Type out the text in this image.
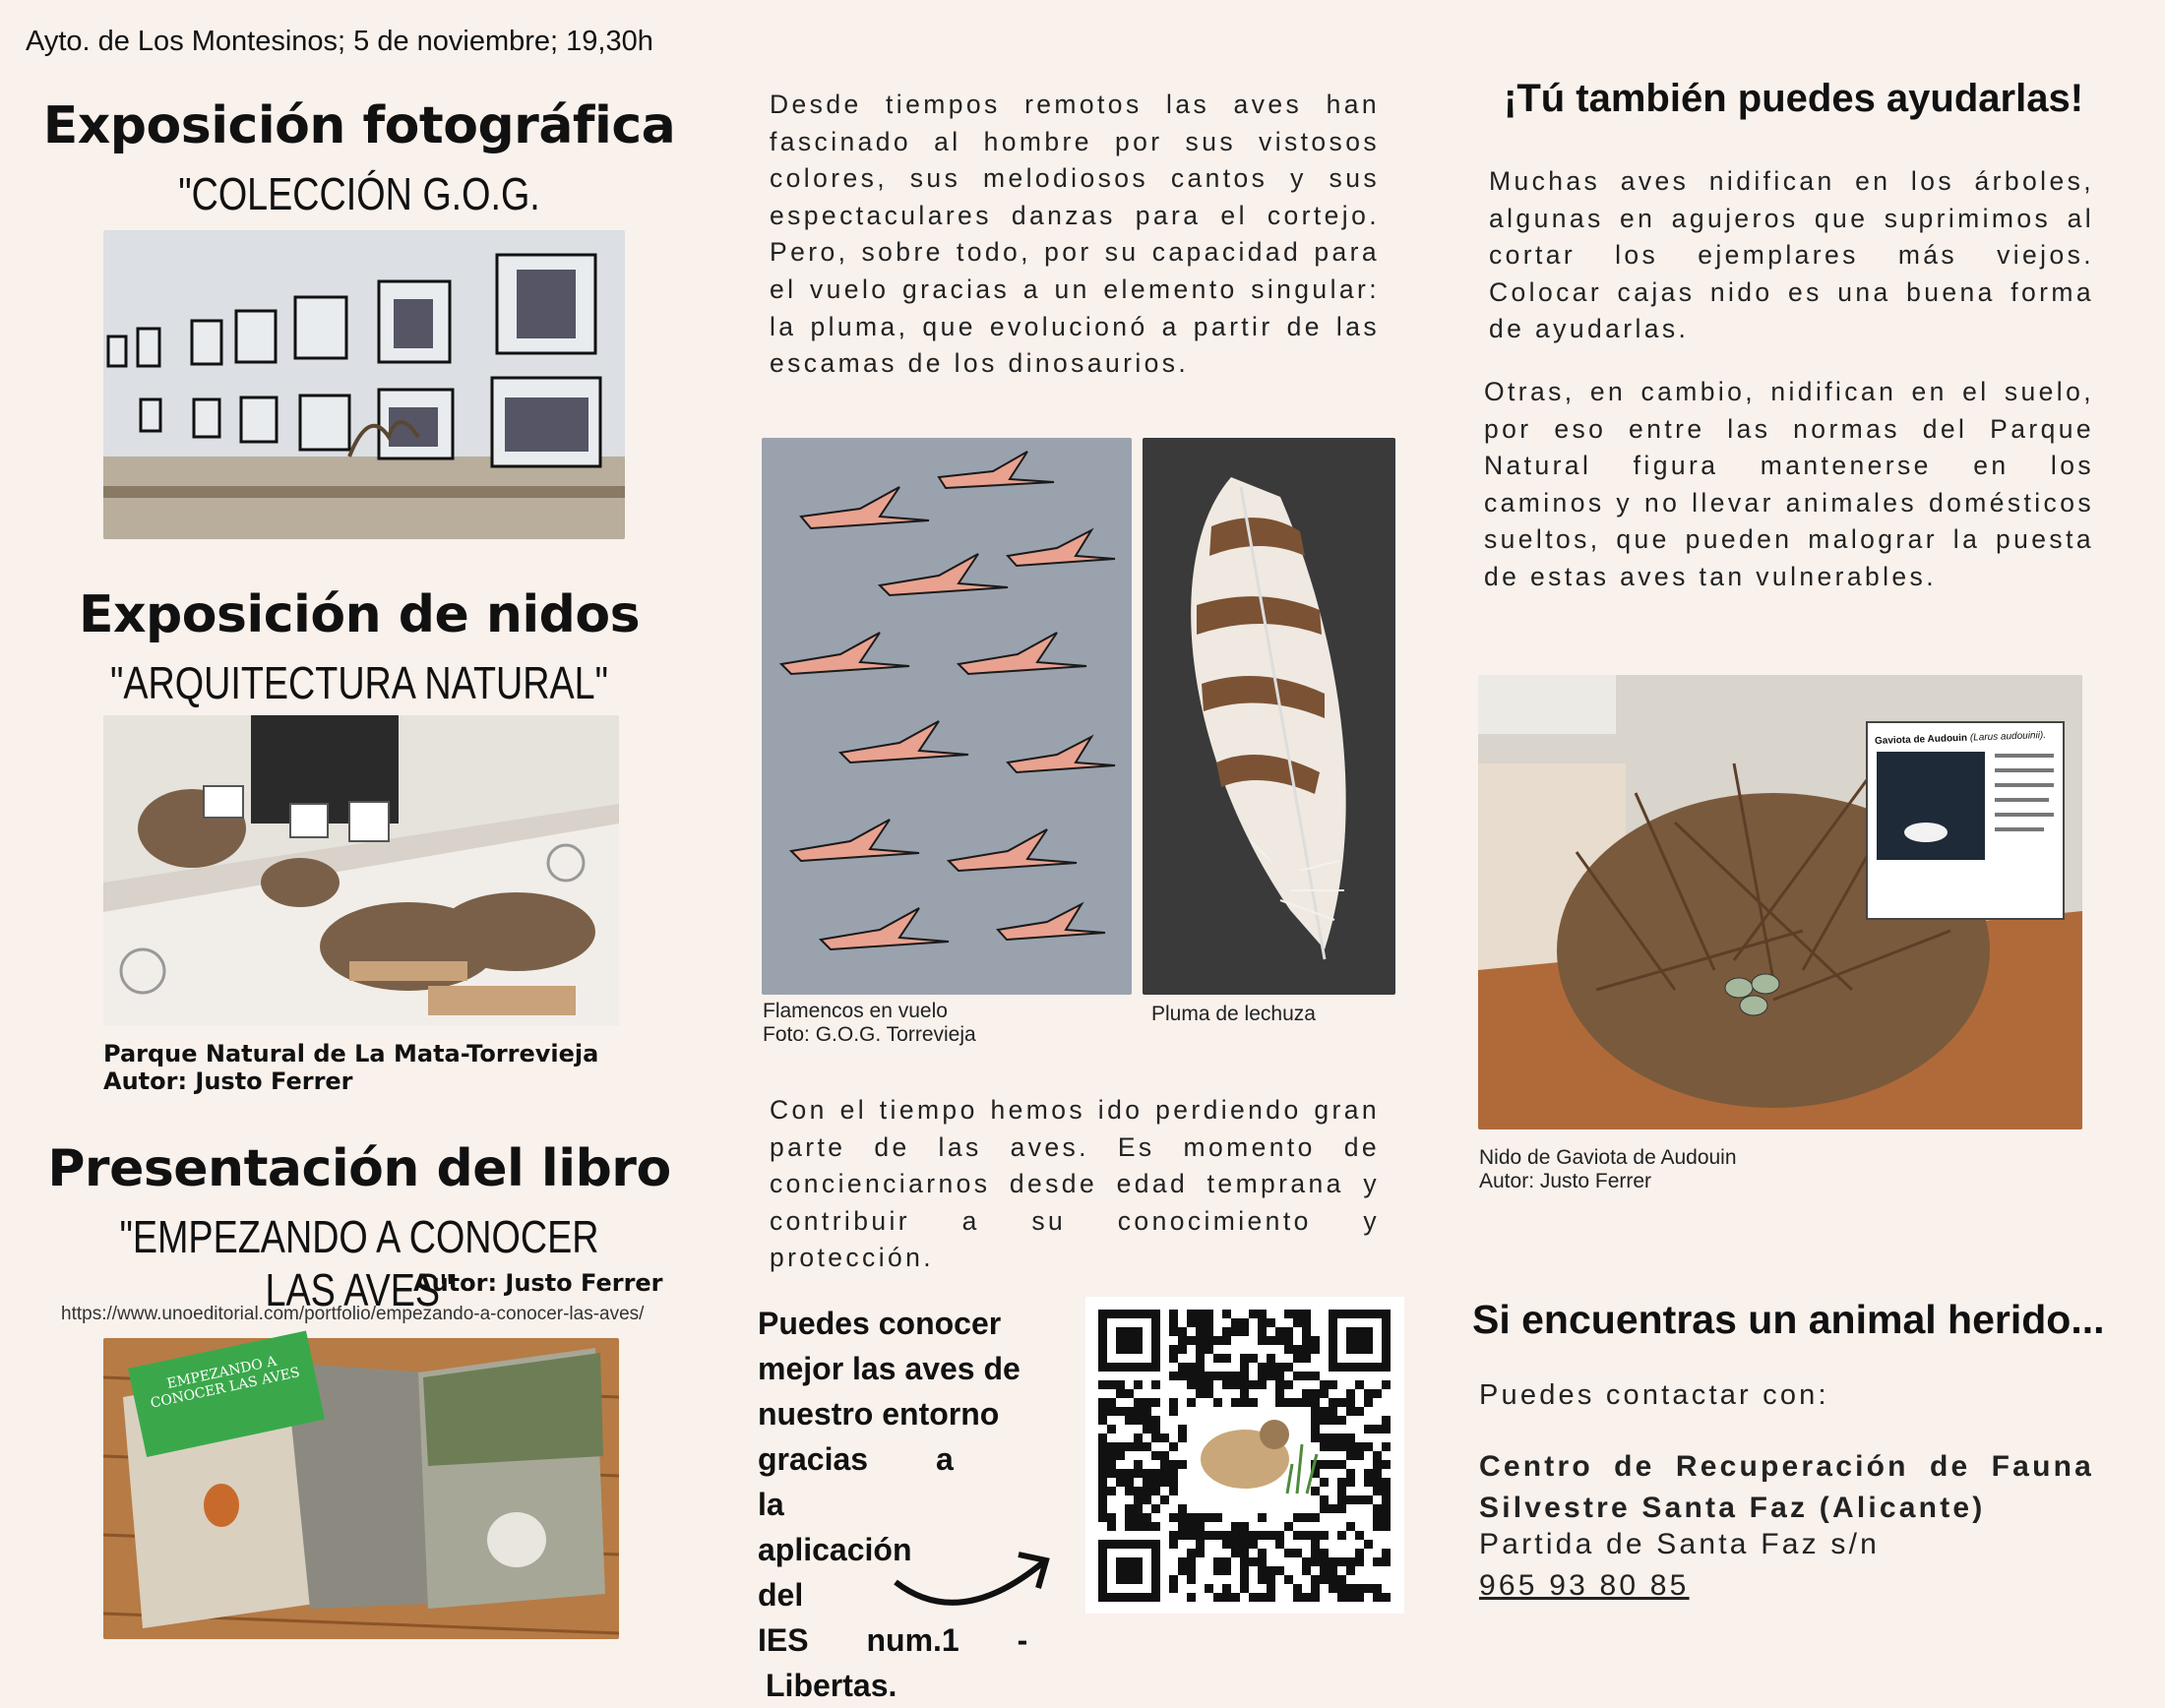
Ayto. de Los Montesinos; 5 de noviembre; 19,30h
Exposición fotográfica
"COLECCIÓN G.O.G.
Exposición de nidos
"ARQUITECTURA NATURAL"
Parque Natural de La Mata-Torrevieja
Autor: Justo Ferrer
Presentación del libro
"EMPEZANDO A CONOCER LAS AVES"
Autor: Justo Ferrer
https://www.unoeditorial.com/portfolio/empezando-a-conocer-las-aves/
EMPEZANDO A CONOCER LAS AVES
Desde tiempos remotos las aves han fascinado al hombre por sus vistosos colores, sus melodiosos cantos y sus espectaculares danzas para el cortejo. Pero, sobre todo, por su capacidad para el vuelo gracias a un elemento singular: la pluma, que evolucionó a partir de las escamas de los dinosaurios.
Flamencos en vuelo
Foto: G.O.G. Torrevieja
Pluma de lechuza
Con el tiempo hemos ido perdiendo gran parte de las aves. Es momento de concienciarnos desde edad temprana y contribuir a su conocimiento y protección.
Puedes conocer
mejor las aves de
nuestro entorno
gracias a la
aplicación del
IES num.1 -
Libertas.
¡Tú también puedes ayudarlas!
Muchas aves nidifican en los árboles, algunas en agujeros que suprimimos al cortar los ejemplares más viejos. Colocar cajas nido es una buena forma de ayudarlas.
Otras, en cambio, nidifican en el suelo, por eso entre las normas del Parque Natural figura mantenerse en los caminos y no llevar animales domésticos sueltos, que pueden malograr la puesta de estas aves tan vulnerables.
Gaviota de Audouin (Larus audouinii).
Nido de Gaviota de Audouin
Autor: Justo Ferrer
Si encuentras un animal herido...
Puedes contactar con:
Centro de Recuperación de Fauna
Silvestre Santa Faz (Alicante)
Partida de Santa Faz s/n
965 93 80 85
